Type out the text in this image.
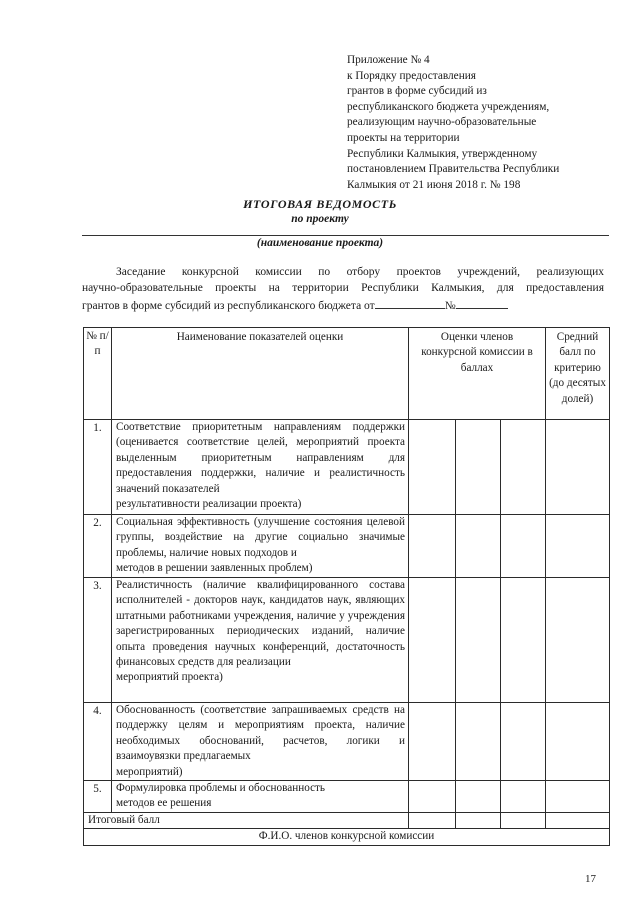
Приложение № 4
к Порядку предоставления
грантов в форме субсидий из
республиканского бюджета учреждениям,
реализующим научно-образовательные
проекты на территории
Республики Калмыкия, утвержденному
постановлением Правительства Республики
Калмыкия от 21 июня 2018 г. № 198
ИТОГОВАЯ ВЕДОМОСТЬ
по проекту
(наименование проекта)
Заседание конкурсной комиссии по отбору проектов учреждений, реализующих
научно-образовательные проекты на территории Республики Калмыкия, для предоставления
грантов в форме субсидий из республиканского бюджета от	№
№ п/п	Наименование показателей оценки	Оценки членов конкурсной комиссии в баллах			Средний балл по критерию (до десятых долей)
1.	Соответствие приоритетным направлениям поддержки (оценивается соответствие целей, мероприятий проекта выделенным приоритетным направлениям для предоставления поддержки, наличие и реалистичность значений показателей
результативности реализации проекта)				

2.	Социальная эффективность (улучшение состояния целевой группы, воздействие на другие социально значимые проблемы, наличие новых подходов и
методов в решении заявленных проблем)				

3.	Реалистичность (наличие квалифицированного состава исполнителей - докторов наук, кандидатов наук, являющих штатными работниками учреждения, наличие у учреждения зарегистрированных периодических изданий, наличие опыта проведения научных конференций, достаточность финансовых средств для реализации
мероприятий проекта)				

4.	Обоснованность (соответствие запрашиваемых средств на поддержку целям и мероприятиям проекта, наличие необходимых обоснований, расчетов, логики и взаимоувязки предлагаемых
мероприятий)				

5.	Формулировка проблемы и обоснованность
методов ее решения				

Итоговый балл					
Ф.И.О. членов конкурсной комиссии					
17
